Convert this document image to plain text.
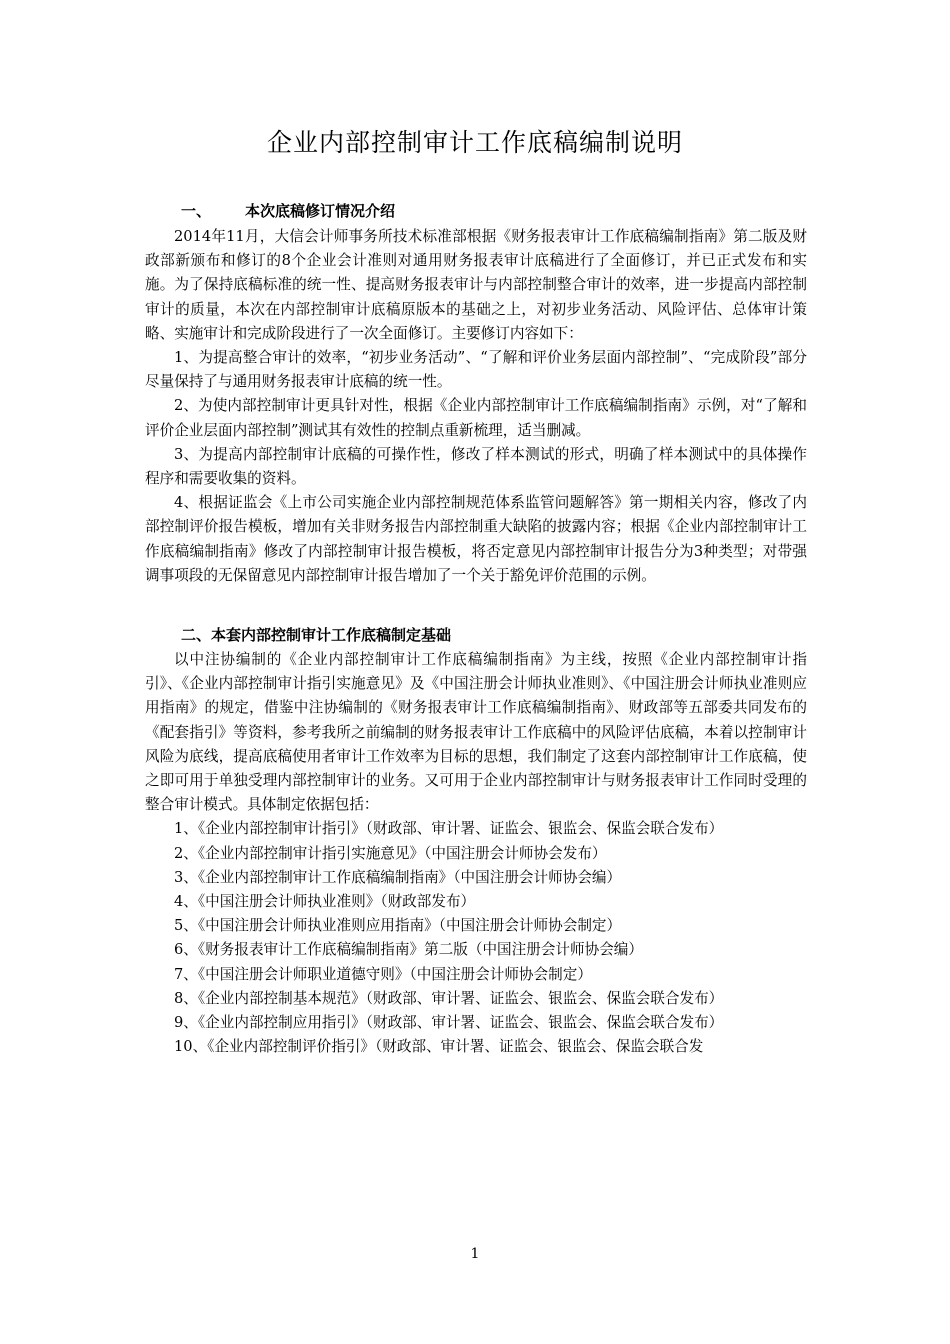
企业内部控制审计工作底稿编制说明
一、 本次底稿修订情况介绍

2014年11月，大信会计师事务所技术标准部根据《财务报表审计工作底稿编制指南》第二版及财政部新颁布和修订的8个企业会计准则对通用财务报表审计底稿进行了全面修订，并已正式发布和实施。为了保持底稿标准的统一性、提高财务报表审计与内部控制整合审计的效率，进一步提高内部控制审计的质量，本次在内部控制审计底稿原版本的基础之上，对初步业务活动、风险评估、总体审计策略、实施审计和完成阶段进行了一次全面修订。主要修订内容如下：

1、为提高整合审计的效率，“初步业务活动”、“了解和评价业务层面内部控制”、“完成阶段”部分尽量保持了与通用财务报表审计底稿的统一性。

2、为使内部控制审计更具针对性，根据《企业内部控制审计工作底稿编制指南》示例，对“了解和评价企业层面内部控制”测试其有效性的控制点重新梳理，适当删减。

3、为提高内部控制审计底稿的可操作性，修改了样本测试的形式，明确了样本测试中的具体操作程序和需要收集的资料。

4、根据证监会《上市公司实施企业内部控制规范体系监管问题解答》第一期相关内容，修改了内部控制评价报告模板，增加有关非财务报告内部控制重大缺陷的披露内容；根据《企业内部控制审计工作底稿编制指南》修改了内部控制审计报告模板，将否定意见内部控制审计报告分为3种类型；对带强调事项段的无保留意见内部控制审计报告增加了一个关于豁免评价范围的示例。

二、本套内部控制审计工作底稿制定基础

以中注协编制的《企业内部控制审计工作底稿编制指南》为主线，按照《企业内部控制审计指引》、《企业内部控制审计指引实施意见》及《中国注册会计师执业准则》、《中国注册会计师执业准则应用指南》的规定，借鉴中注协编制的《财务报表审计工作底稿编制指南》、财政部等五部委共同发布的《配套指引》等资料，参考我所之前编制的财务报表审计工作底稿中的风险评估底稿，本着以控制审计风险为底线，提高底稿使用者审计工作效率为目标的思想，我们制定了这套内部控制审计工作底稿，使之即可用于单独受理内部控制审计的业务。又可用于企业内部控制审计与财务报表审计工作同时受理的整合审计模式。具体制定依据包括：

1、《企业内部控制审计指引》（财政部、审计署、证监会、银监会、保监会联合发布）

2、《企业内部控制审计指引实施意见》（中国注册会计师协会发布）

3、《企业内部控制审计工作底稿编制指南》（中国注册会计师协会编）

4、《中国注册会计师执业准则》（财政部发布）

5、《中国注册会计师执业准则应用指南》（中国注册会计师协会制定）

6、《财务报表审计工作底稿编制指南》第二版（中国注册会计师协会编）

7、《中国注册会计师职业道德守则》（中国注册会计师协会制定）

8、《企业内部控制基本规范》（财政部、审计署、证监会、银监会、保监会联合发布）

9、《企业内部控制应用指引》（财政部、审计署、证监会、银监会、保监会联合发布）

10、《企业内部控制评价指引》（财政部、审计署、证监会、银监会、保监会联合发

1
